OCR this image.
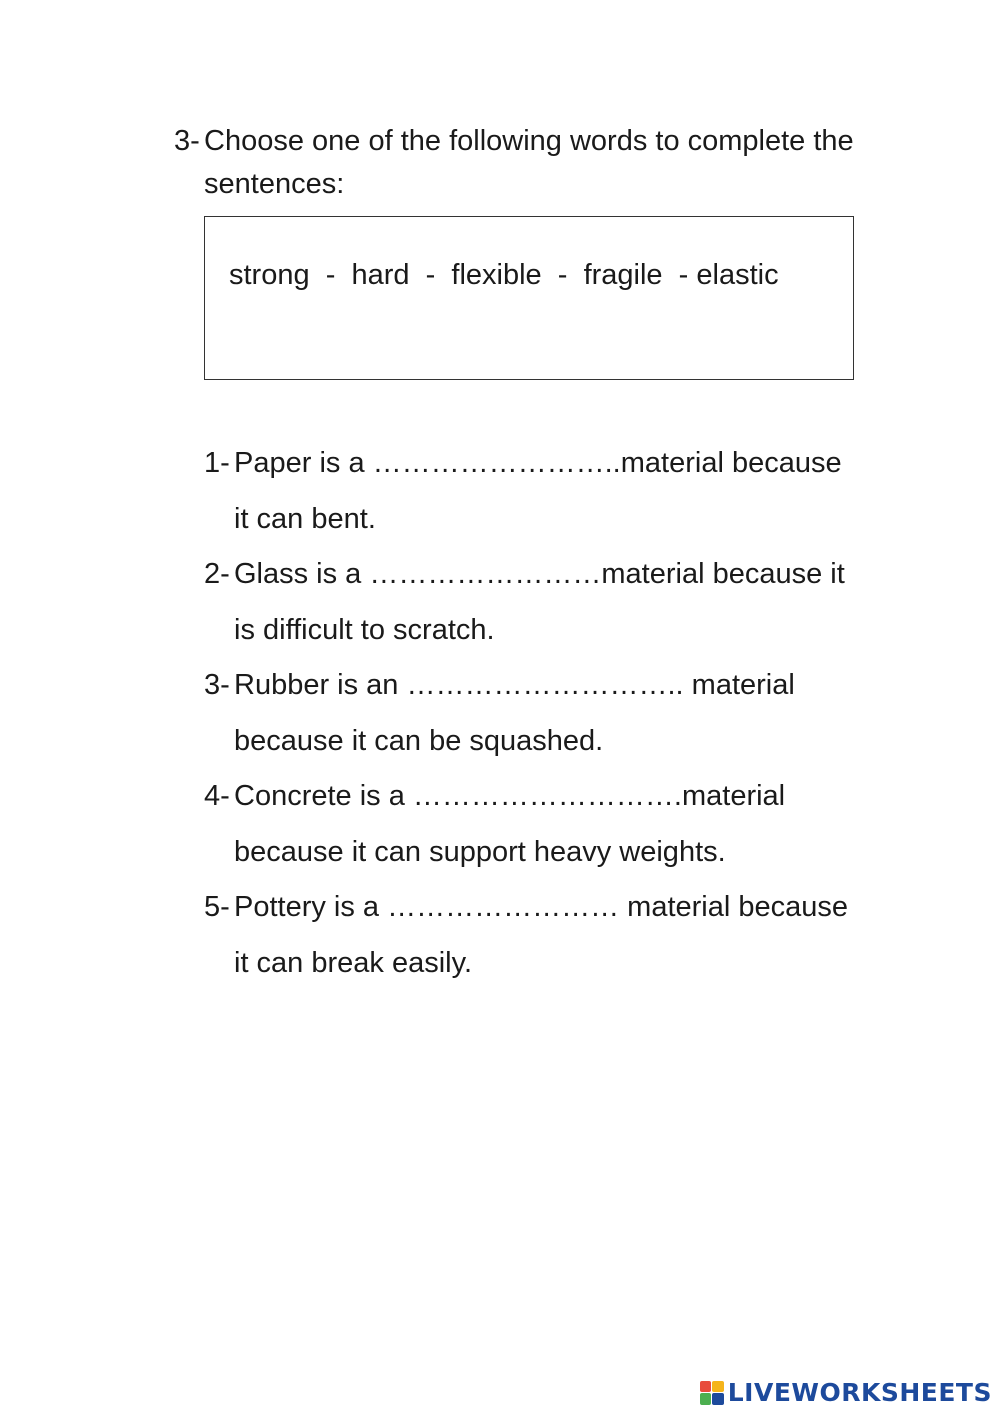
3- Choose one of the following words to complete the sentences:
strong  -  hard  -  flexible  -  fragile  - elastic
1- Paper is a ……………………..material because it can bent.
2- Glass is a ……………………material because it is difficult to scratch.
3- Rubber is an ……………………….. material because it can be squashed.
4- Concrete is a ……………………….material because it can support heavy weights.
5- Pottery is a …………………… material because it can break easily.
LIVEWORKSHEETS
